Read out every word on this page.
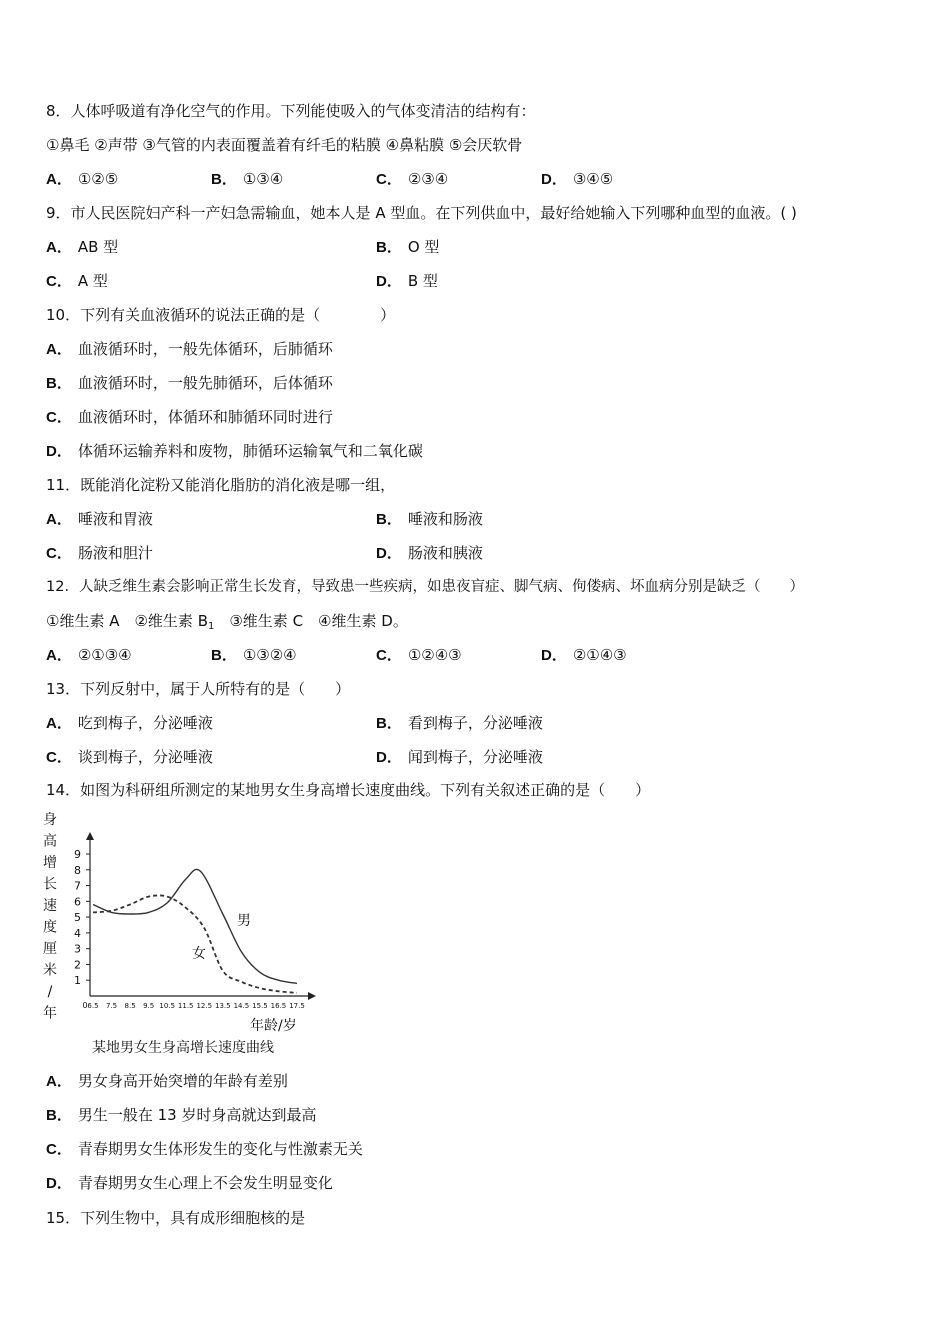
8．人体呼吸道有净化空气的作用。下列能使吸入的气体变清洁的结构有：
①鼻毛 ②声带 ③气管的内表面覆盖着有纤毛的粘膜 ④鼻粘膜 ⑤会厌软骨
A． ①②⑤	B． ①③④	C． ②③④	D． ③④⑤
9．市人民医院妇产科一产妇急需输血，她本人是 A 型血。在下列供血中，最好给她输入下列哪种血型的血液。( )
A． AB 型	B． O 型
C． A 型	D． B 型
10．下列有关血液循环的说法正确的是（　　　　）
A． 血液循环时，一般先体循环，后肺循环
B． 血液循环时，一般先肺循环，后体循环
C． 血液循环时，体循环和肺循环同时进行
D． 体循环运输养料和废物，肺循环运输氧气和二氧化碳
11．既能消化淀粉又能消化脂肪的消化液是哪一组，
A． 唾液和胃液	B． 唾液和肠液
C． 肠液和胆汁	D． 肠液和胰液
12．人缺乏维生素会影响正常生长发育，导致患一些疾病，如患夜盲症、脚气病、佝偻病、坏血病分别是缺乏（　　）
①维生素 A　②维生素 $B_1$　③维生素 C　④维生素 D。
A． ②①③④	B． ①③②④	C． ①②④③	D． ②①④③
13．下列反射中，属于人所特有的是（　　）
A． 吃到梅子，分泌唾液	B． 看到梅子，分泌唾液
C． 谈到梅子，分泌唾液	D． 闻到梅子，分泌唾液
14．如图为科研组所测定的某地男女生身高增长速度曲线。下列有关叙述正确的是（　　）
身
高
增
长
速
度
厘
米
/
年
1
2
3
4
5
6
7
8
9
0 6.5 7.5 8.5 9.5 10.5 11.5 12.5 13.5 14.5 15.5 16.5 17.5
男
女
年龄/岁
某地男女生身高增长速度曲线
A． 男女身高开始突增的年龄有差别
B． 男生一般在 13 岁时身高就达到最高
C． 青春期男女生体形发生的变化与性激素无关
D． 青春期男女生心理上不会发生明显变化
15．下列生物中，具有成形细胞核的是
